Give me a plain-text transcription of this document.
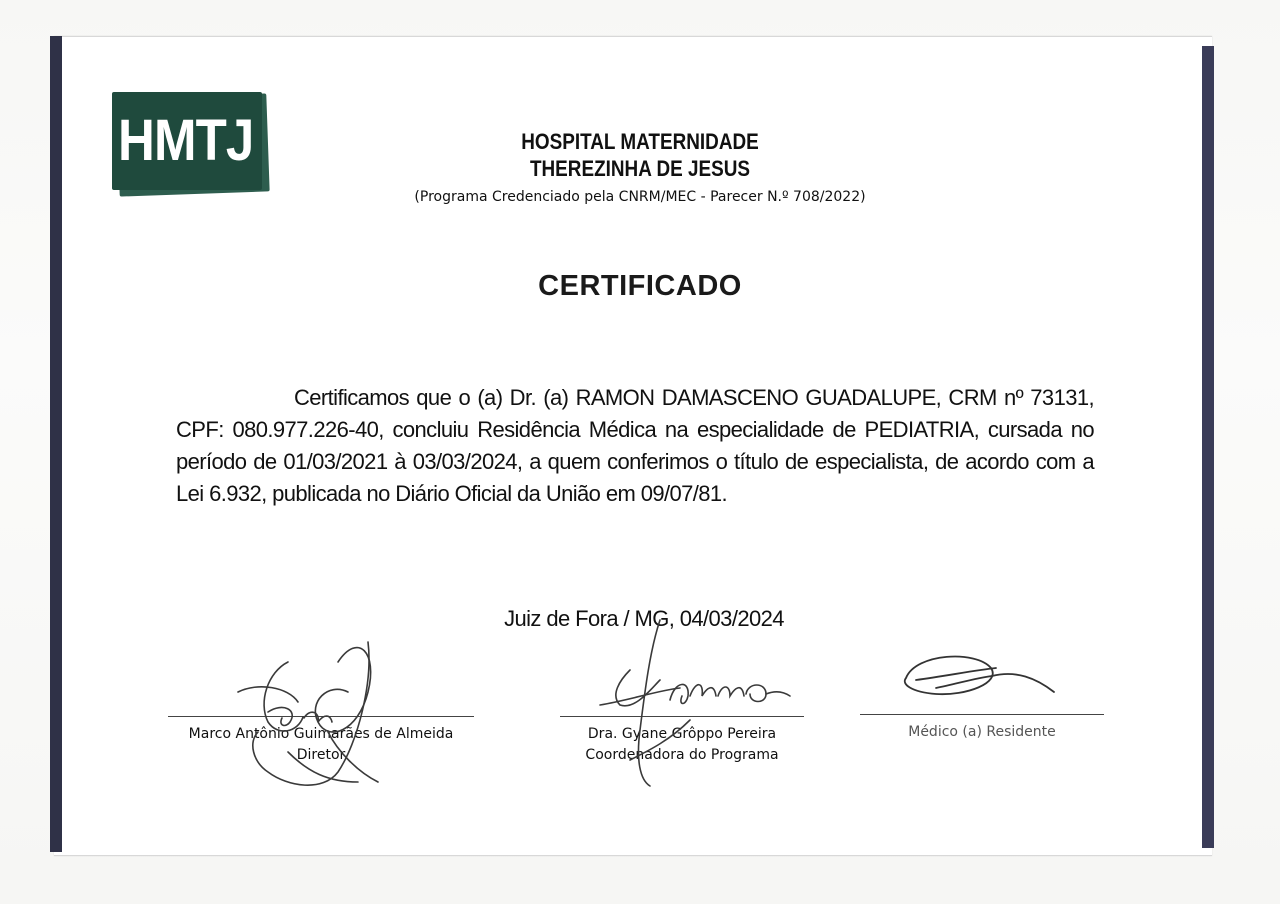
HMTJ	HOSPITAL MATERNIDADE
THEREZINHA DE JESUS
(Programa Credenciado pela CNRM/MEC - Parecer N.º 708/2022)
CERTIFICADO
Certificamos que o (a) Dr. (a) RAMON DAMASCENO GUADALUPE, CRM nº 73131, CPF: 080.977.226-40, concluiu Residência Médica na especialidade de PEDIATRIA, cursada no período de 01/03/2021 à 03/03/2024, a quem conferimos o título de especialista, de acordo com a Lei 6.932, publicada no Diário Oficial da União em 09/07/81.
Juiz de Fora / MG, 04/03/2024
Marco Antônio Guimarães de Almeida
Diretor
Dra. Gyane Grôppo Pereira
Coordenadora do Programa
Médico (a) Residente
